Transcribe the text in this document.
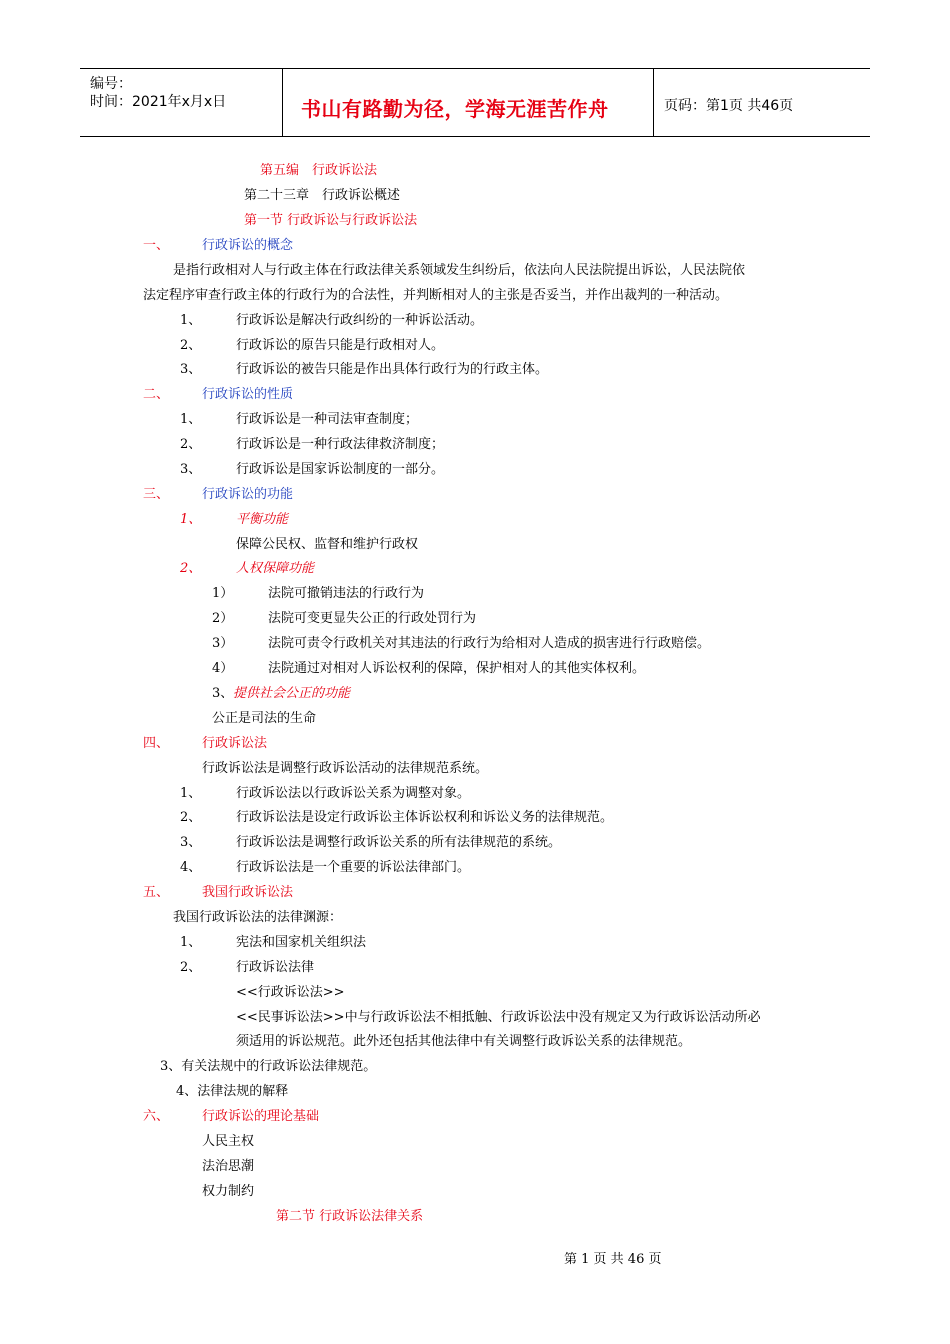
编号：
时间：2021年x月x日	书山有路勤为径，学海无涯苦作舟	页码：第1页 共46页
第五编　行政诉讼法
第二十三章　行政诉讼概述
第一节 行政诉讼与行政诉讼法
一、	行政诉讼的概念
是指行政相对人与行政主体在行政法律关系领域发生纠纷后，依法向人民法院提出诉讼，人民法院依
法定程序审查行政主体的行政行为的合法性，并判断相对人的主张是否妥当，并作出裁判的一种活动。
1、	行政诉讼是解决行政纠纷的一种诉讼活动。
2、	行政诉讼的原告只能是行政相对人。
3、	行政诉讼的被告只能是作出具体行政行为的行政主体。
二、	行政诉讼的性质
1、	行政诉讼是一种司法审查制度；
2、	行政诉讼是一种行政法律救济制度；
3、	行政诉讼是国家诉讼制度的一部分。
三、	行政诉讼的功能
1、	平衡功能
保障公民权、监督和维护行政权
2、	人权保障功能
1）	法院可撤销违法的行政行为
2）	法院可变更显失公正的行政处罚行为
3）	法院可责令行政机关对其违法的行政行为给相对人造成的损害进行行政赔偿。
4）	法院通过对相对人诉讼权利的保障，保护相对人的其他实体权利。
3、 提供社会公正的功能
公正是司法的生命
四、	行政诉讼法
行政诉讼法是调整行政诉讼活动的法律规范系统。
1、	行政诉讼法以行政诉讼关系为调整对象。
2、	行政诉讼法是设定行政诉讼主体诉讼权利和诉讼义务的法律规范。
3、	行政诉讼法是调整行政诉讼关系的所有法律规范的系统。
4、	行政诉讼法是一个重要的诉讼法律部门。
五、	我国行政诉讼法
我国行政诉讼法的法律渊源：
1、	宪法和国家机关组织法
2、	行政诉讼法律
<<行政诉讼法>>
<<民事诉讼法>>中与行政诉讼法不相抵触、行政诉讼法中没有规定又为行政诉讼活动所必
须适用的诉讼规范。此外还包括其他法律中有关调整行政诉讼关系的法律规范。
3、有关法规中的行政诉讼法律规范。
4、法律法规的解释
六、	行政诉讼的理论基础
人民主权
法治思潮
权力制约
第二节 行政诉讼法律关系
第 1 页 共 46 页
